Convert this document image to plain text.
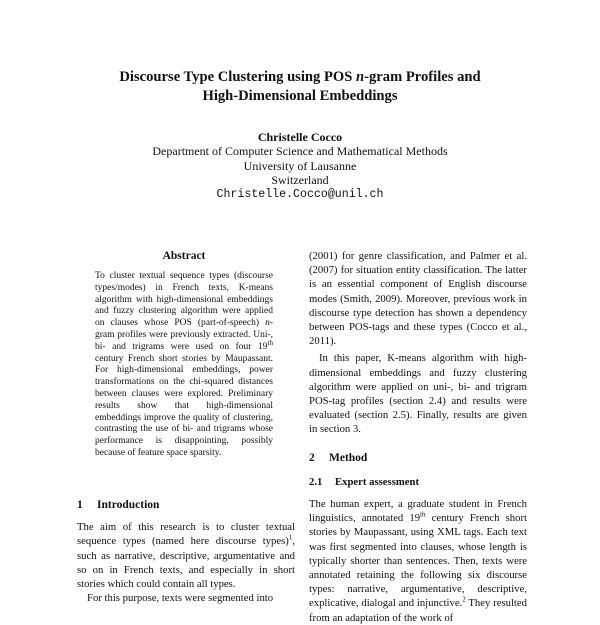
Discourse Type Clustering using POS n-gram Profiles and
High-Dimensional Embeddings
Christelle Cocco
Department of Computer Science and Mathematical Methods
University of Lausanne
Switzerland
Christelle.Cocco@unil.ch
Abstract
To cluster textual sequence types (discourse types/modes) in French texts, K-means algorithm with high-dimensional embeddings and fuzzy clustering algorithm were applied on clauses whose POS (part-of-speech) n-gram profiles were previously extracted. Uni-, bi- and trigrams were used on four 19th century French short stories by Maupassant. For high-dimensional embeddings, power transformations on the chi-squared distances between clauses were explored. Preliminary results show that high-dimensional embeddings improve the quality of clustering, contrasting the use of bi- and trigrams whose performance is disappointing, possibly because of feature space sparsity.
1 Introduction

The aim of this research is to cluster textual sequence types (named here discourse types)$^1$, such as narrative, descriptive, argumentative and so on in French texts, and especially in short stories which could contain all types.

For this purpose, texts were segmented into

(2001) for genre classification, and Palmer et al. (2007) for situation entity classification. The latter is an essential component of English discourse modes (Smith, 2009). Moreover, previous work in discourse type detection has shown a dependency between POS-tags and these types (Cocco et al., 2011).

In this paper, K-means algorithm with high-dimensional embeddings and fuzzy clustering algorithm were applied on uni-, bi- and trigram POS-tag profiles (section 2.4) and results were evaluated (section 2.5). Finally, results are given in section 3.

2 Method
2.1 Expert assessment

The human expert, a graduate student in French linguistics, annotated 19th century French short stories by Maupassant, using XML tags. Each text was first segmented into clauses, whose length is typically shorter than sentences. Then, texts were annotated retaining the following six discourse types: narrative, argumentative, descriptive, explicative, dialogal and injunctive.$^2$ They resulted from an adaptation of the work of
